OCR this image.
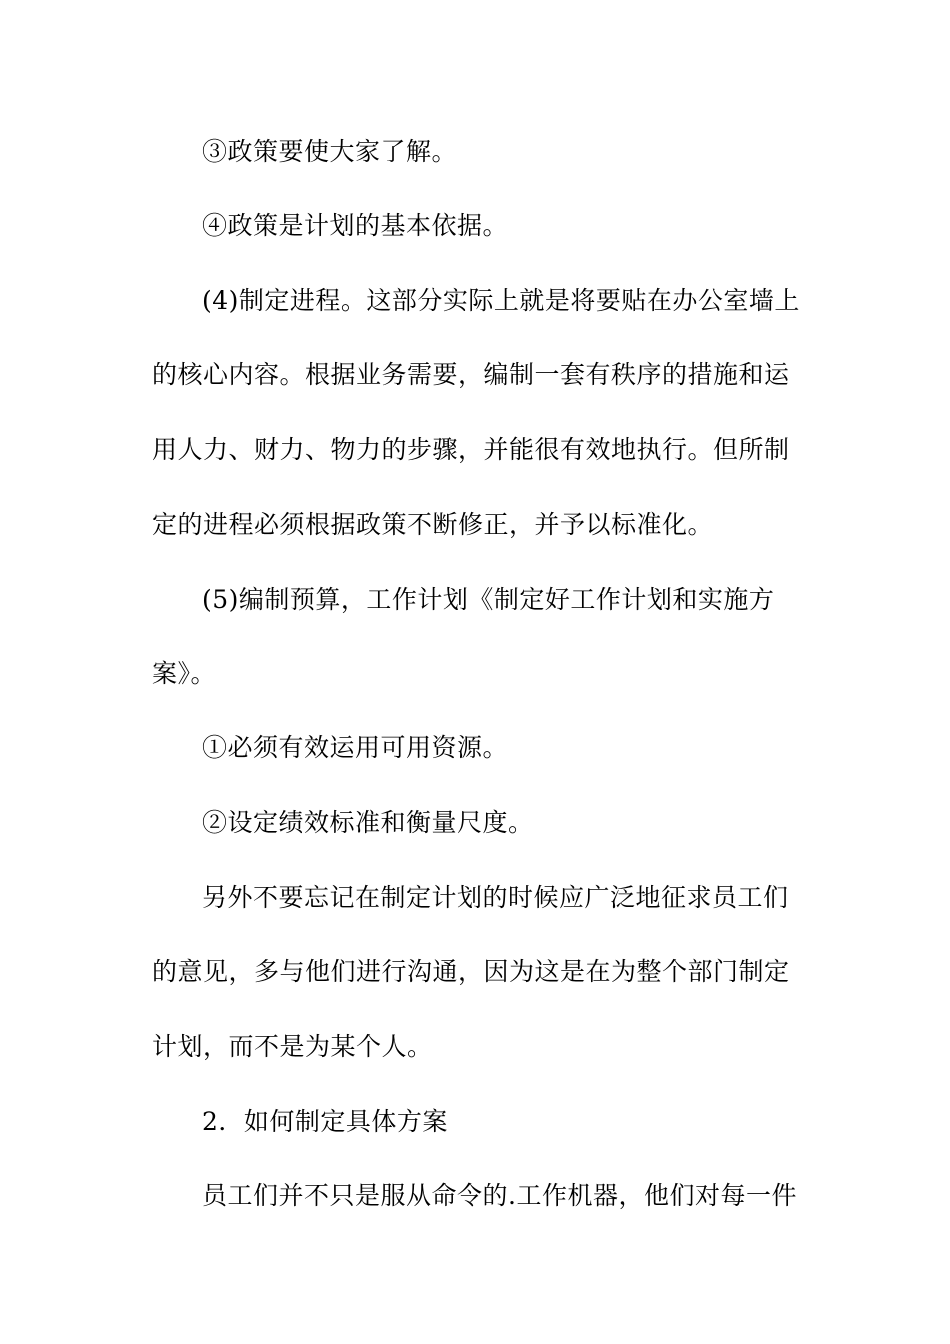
③政策要使大家了解。
④政策是计划的基本依据。
(4)制定进程。这部分实际上就是将要贴在办公室墙上
的核心内容。根据业务需要，编制一套有秩序的措施和运
用人力、财力、物力的步骤，并能很有效地执行。但所制
定的进程必须根据政策不断修正，并予以标准化。
(5)编制预算，工作计划《制定好工作计划和实施方
案》。
①必须有效运用可用资源。
②设定绩效标准和衡量尺度。
另外不要忘记在制定计划的时候应广泛地征求员工们
的意见，多与他们进行沟通，因为这是在为整个部门制定
计划，而不是为某个人。
2．如何制定具体方案
员工们并不只是服从命令的.工作机器，他们对每一件
